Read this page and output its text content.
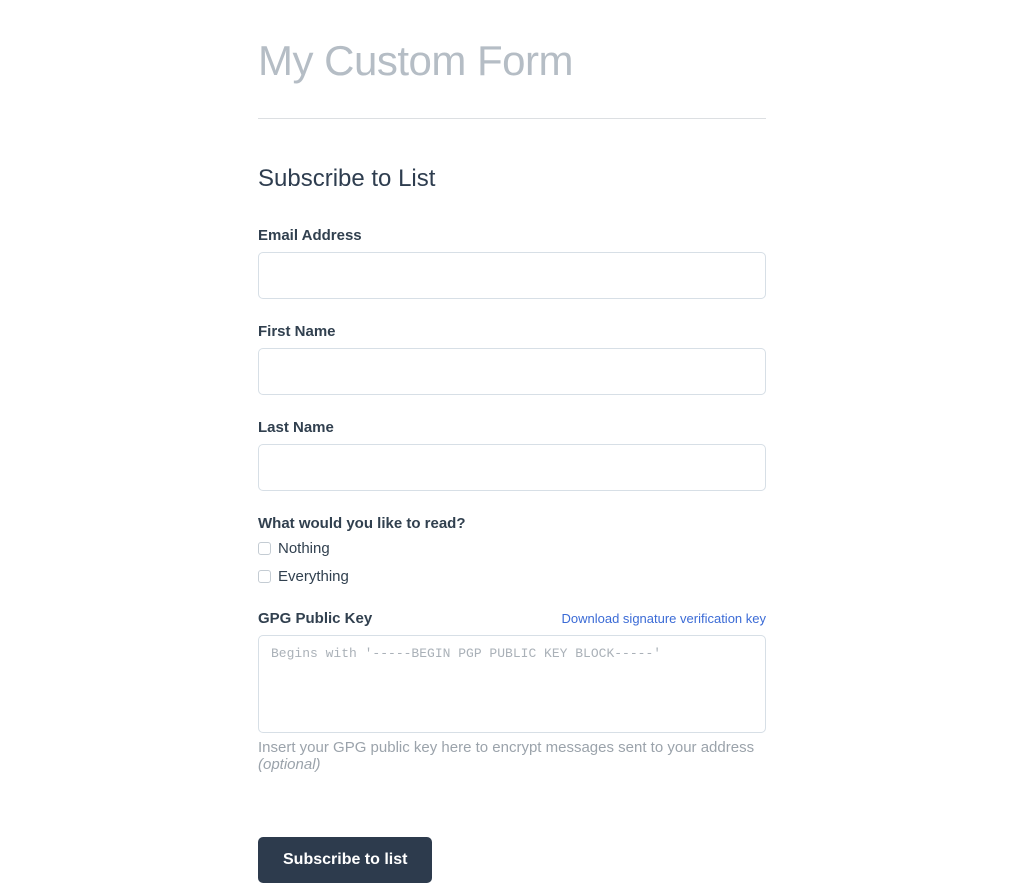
My Custom Form
Subscribe to List
Email Address
First Name
Last Name
What would you like to read?
Nothing
Everything
GPG Public Key	Download signature verification key
Begins with '-----BEGIN PGP PUBLIC KEY BLOCK-----'
Insert your GPG public key here to encrypt messages sent to your address (optional)
Subscribe to list
